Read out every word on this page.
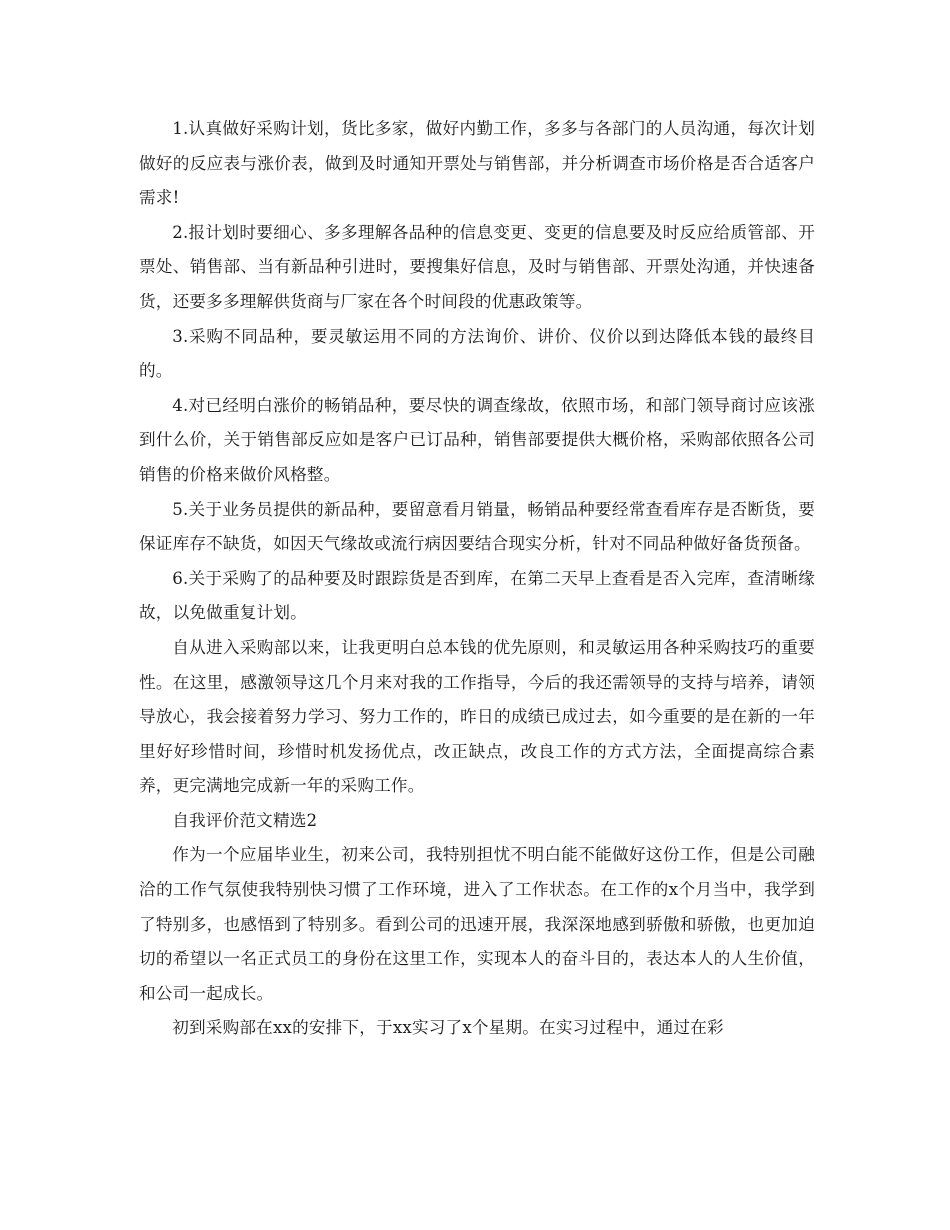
1.认真做好采购计划，货比多家，做好内勤工作，多多与各部门的人员沟通，每次计划做好的反应表与涨价表，做到及时通知开票处与销售部，并分析调查市场价格是否合适客户需求!

2.报计划时要细心、多多理解各品种的信息变更、变更的信息要及时反应给质管部、开票处、销售部、当有新品种引进时，要搜集好信息，及时与销售部、开票处沟通，并快速备货，还要多多理解供货商与厂家在各个时间段的优惠政策等。

3.采购不同品种，要灵敏运用不同的方法询价、讲价、仪价以到达降低本钱的最终目的。

4.对已经明白涨价的畅销品种，要尽快的调查缘故，依照市场，和部门领导商讨应该涨到什么价，关于销售部反应如是客户已订品种，销售部要提供大概价格，采购部依照各公司销售的价格来做价风格整。

5.关于业务员提供的新品种，要留意看月销量，畅销品种要经常查看库存是否断货，要保证库存不缺货，如因天气缘故或流行病因要结合现实分析，针对不同品种做好备货预备。

6.关于采购了的品种要及时跟踪货是否到库，在第二天早上查看是否入完库，查清晰缘故，以免做重复计划。

自从进入采购部以来，让我更明白总本钱的优先原则，和灵敏运用各种采购技巧的重要性。在这里，感激领导这几个月来对我的工作指导，今后的我还需领导的支持与培养，请领导放心，我会接着努力学习、努力工作的，昨日的成绩已成过去，如今重要的是在新的一年里好好珍惜时间，珍惜时机发扬优点，改正缺点，改良工作的方式方法，全面提高综合素养，更完满地完成新一年的采购工作。

自我评价范文精选2

作为一个应届毕业生，初来公司，我特别担忧不明白能不能做好这份工作，但是公司融洽的工作气氛使我特别快习惯了工作环境，进入了工作状态。在工作的x个月当中，我学到了特别多，也感悟到了特别多。看到公司的迅速开展，我深深地感到骄傲和骄傲，也更加迫切的希望以一名正式员工的身份在这里工作，实现本人的奋斗目的，表达本人的人生价值，和公司一起成长。

初到采购部在xx的安排下，于xx实习了x个星期。在实习过程中，通过在彩
